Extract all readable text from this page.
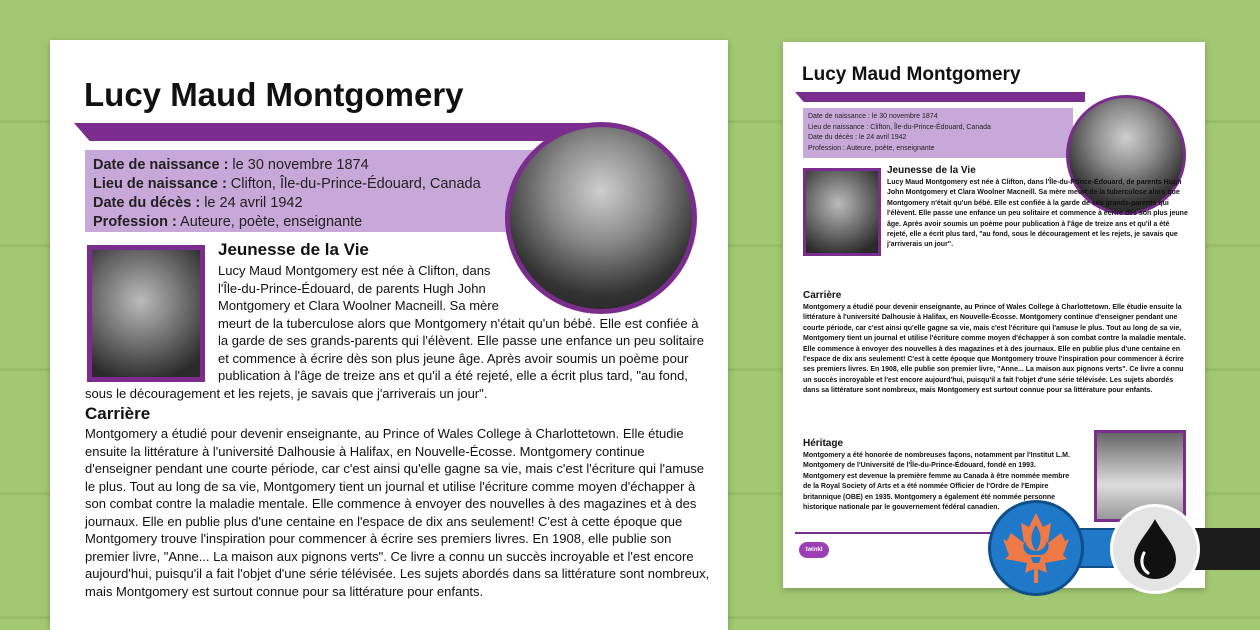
Lucy Maud Montgomery
Date de naissance : le 30 novembre 1874
Lieu de naissance : Clifton, Île-du-Prince-Édouard, Canada
Date du décès : le 24 avril 1942
Profession : Auteure, poète, enseignante
Jeunesse de la Vie

Lucy Maud Montgomery est née à Clifton, dans l'Île-du-Prince-Édouard, de parents Hugh John Montgomery et Clara Woolner Macneill. Sa mère meurt de la tuberculose alors que Montgomery n'était qu'un bébé. Elle est confiée à la garde de ses grands-parents qui l'élèvent. Elle passe une enfance un peu solitaire et commence à écrire dès son plus jeune âge. Après avoir soumis un poème pour publication à l'âge de treize ans et qu'il a été rejeté, elle a écrit plus tard, "au fond, sous le découragement et les rejets, je savais que j'arriverais un jour".

Carrière
Montgomery a étudié pour devenir enseignante, au Prince of Wales College à Charlottetown. Elle étudie ensuite la littérature à l'université Dalhousie à Halifax, en Nouvelle-Écosse. Montgomery continue d'enseigner pendant une courte période, car c'est ainsi qu'elle gagne sa vie, mais c'est l'écriture qui l'amuse le plus. Tout au long de sa vie, Montgomery tient un journal et utilise l'écriture comme moyen d'échapper à son combat contre la maladie mentale. Elle commence à envoyer des nouvelles à des magazines et à des journaux. Elle en publie plus d'une centaine en l'espace de dix ans seulement! C'est à cette époque que Montgomery trouve l'inspiration pour commencer à écrire ses premiers livres. En 1908, elle publie son premier livre, "Anne... La maison aux pignons verts". Ce livre a connu un succès incroyable et l'est encore aujourd'hui, puisqu'il a fait l'objet d'une série télévisée. Les sujets abordés dans sa littérature sont nombreux, mais Montgomery est surtout connue pour sa littérature pour enfants.
Lucy Maud Montgomery
Date de naissance : le 30 novembre 1874
Lieu de naissance : Clifton, Île-du-Prince-Édouard, Canada
Date du décès : le 24 avril 1942
Profession : Auteure, poète, enseignante
Jeunesse de la Vie

Lucy Maud Montgomery est née à Clifton, dans l'Île-du-Prince-Édouard, de parents Hugh John Montgomery et Clara Woolner Macneill. Sa mère meurt de la tuberculose alors que Montgomery n'était qu'un bébé. Elle est confiée à la garde de ses grands-parents qui l'élèvent. Elle passe une enfance un peu solitaire et commence à écrire dès son plus jeune âge. Après avoir soumis un poème pour publication à l'âge de treize ans et qu'il a été rejeté, elle a écrit plus tard, "au fond, sous le découragement et les rejets, je savais que j'arriverais un jour".

Carrière
Montgomery a étudié pour devenir enseignante, au Prince of Wales College à Charlottetown. Elle étudie ensuite la littérature à l'université Dalhousie à Halifax, en Nouvelle-Écosse. Montgomery continue d'enseigner pendant une courte période, car c'est ainsi qu'elle gagne sa vie, mais c'est l'écriture qui l'amuse le plus. Tout au long de sa vie, Montgomery tient un journal et utilise l'écriture comme moyen d'échapper à son combat contre la maladie mentale. Elle commence à envoyer des nouvelles à des magazines et à des journaux. Elle en publie plus d'une centaine en l'espace de dix ans seulement! C'est à cette époque que Montgomery trouve l'inspiration pour commencer à écrire ses premiers livres. En 1908, elle publie son premier livre, "Anne... La maison aux pignons verts". Ce livre a connu un succès incroyable et l'est encore aujourd'hui, puisqu'il a fait l'objet d'une série télévisée. Les sujets abordés dans sa littérature sont nombreux, mais Montgomery est surtout connue pour sa littérature pour enfants.
Héritage
Montgomery a été honorée de nombreuses façons, notamment par l'Institut L.M. Montgomery de l'Université de l'Île-du-Prince-Édouard, fondé en 1993. Montgomery est devenue la première femme au Canada à être nommée membre de la Royal Society of Arts et a été nommée Officier de l'Ordre de l'Empire britannique (OBE) en 1935. Montgomery a également été nommée personne historique nationale par le gouvernement fédéral canadien.
twinkl
